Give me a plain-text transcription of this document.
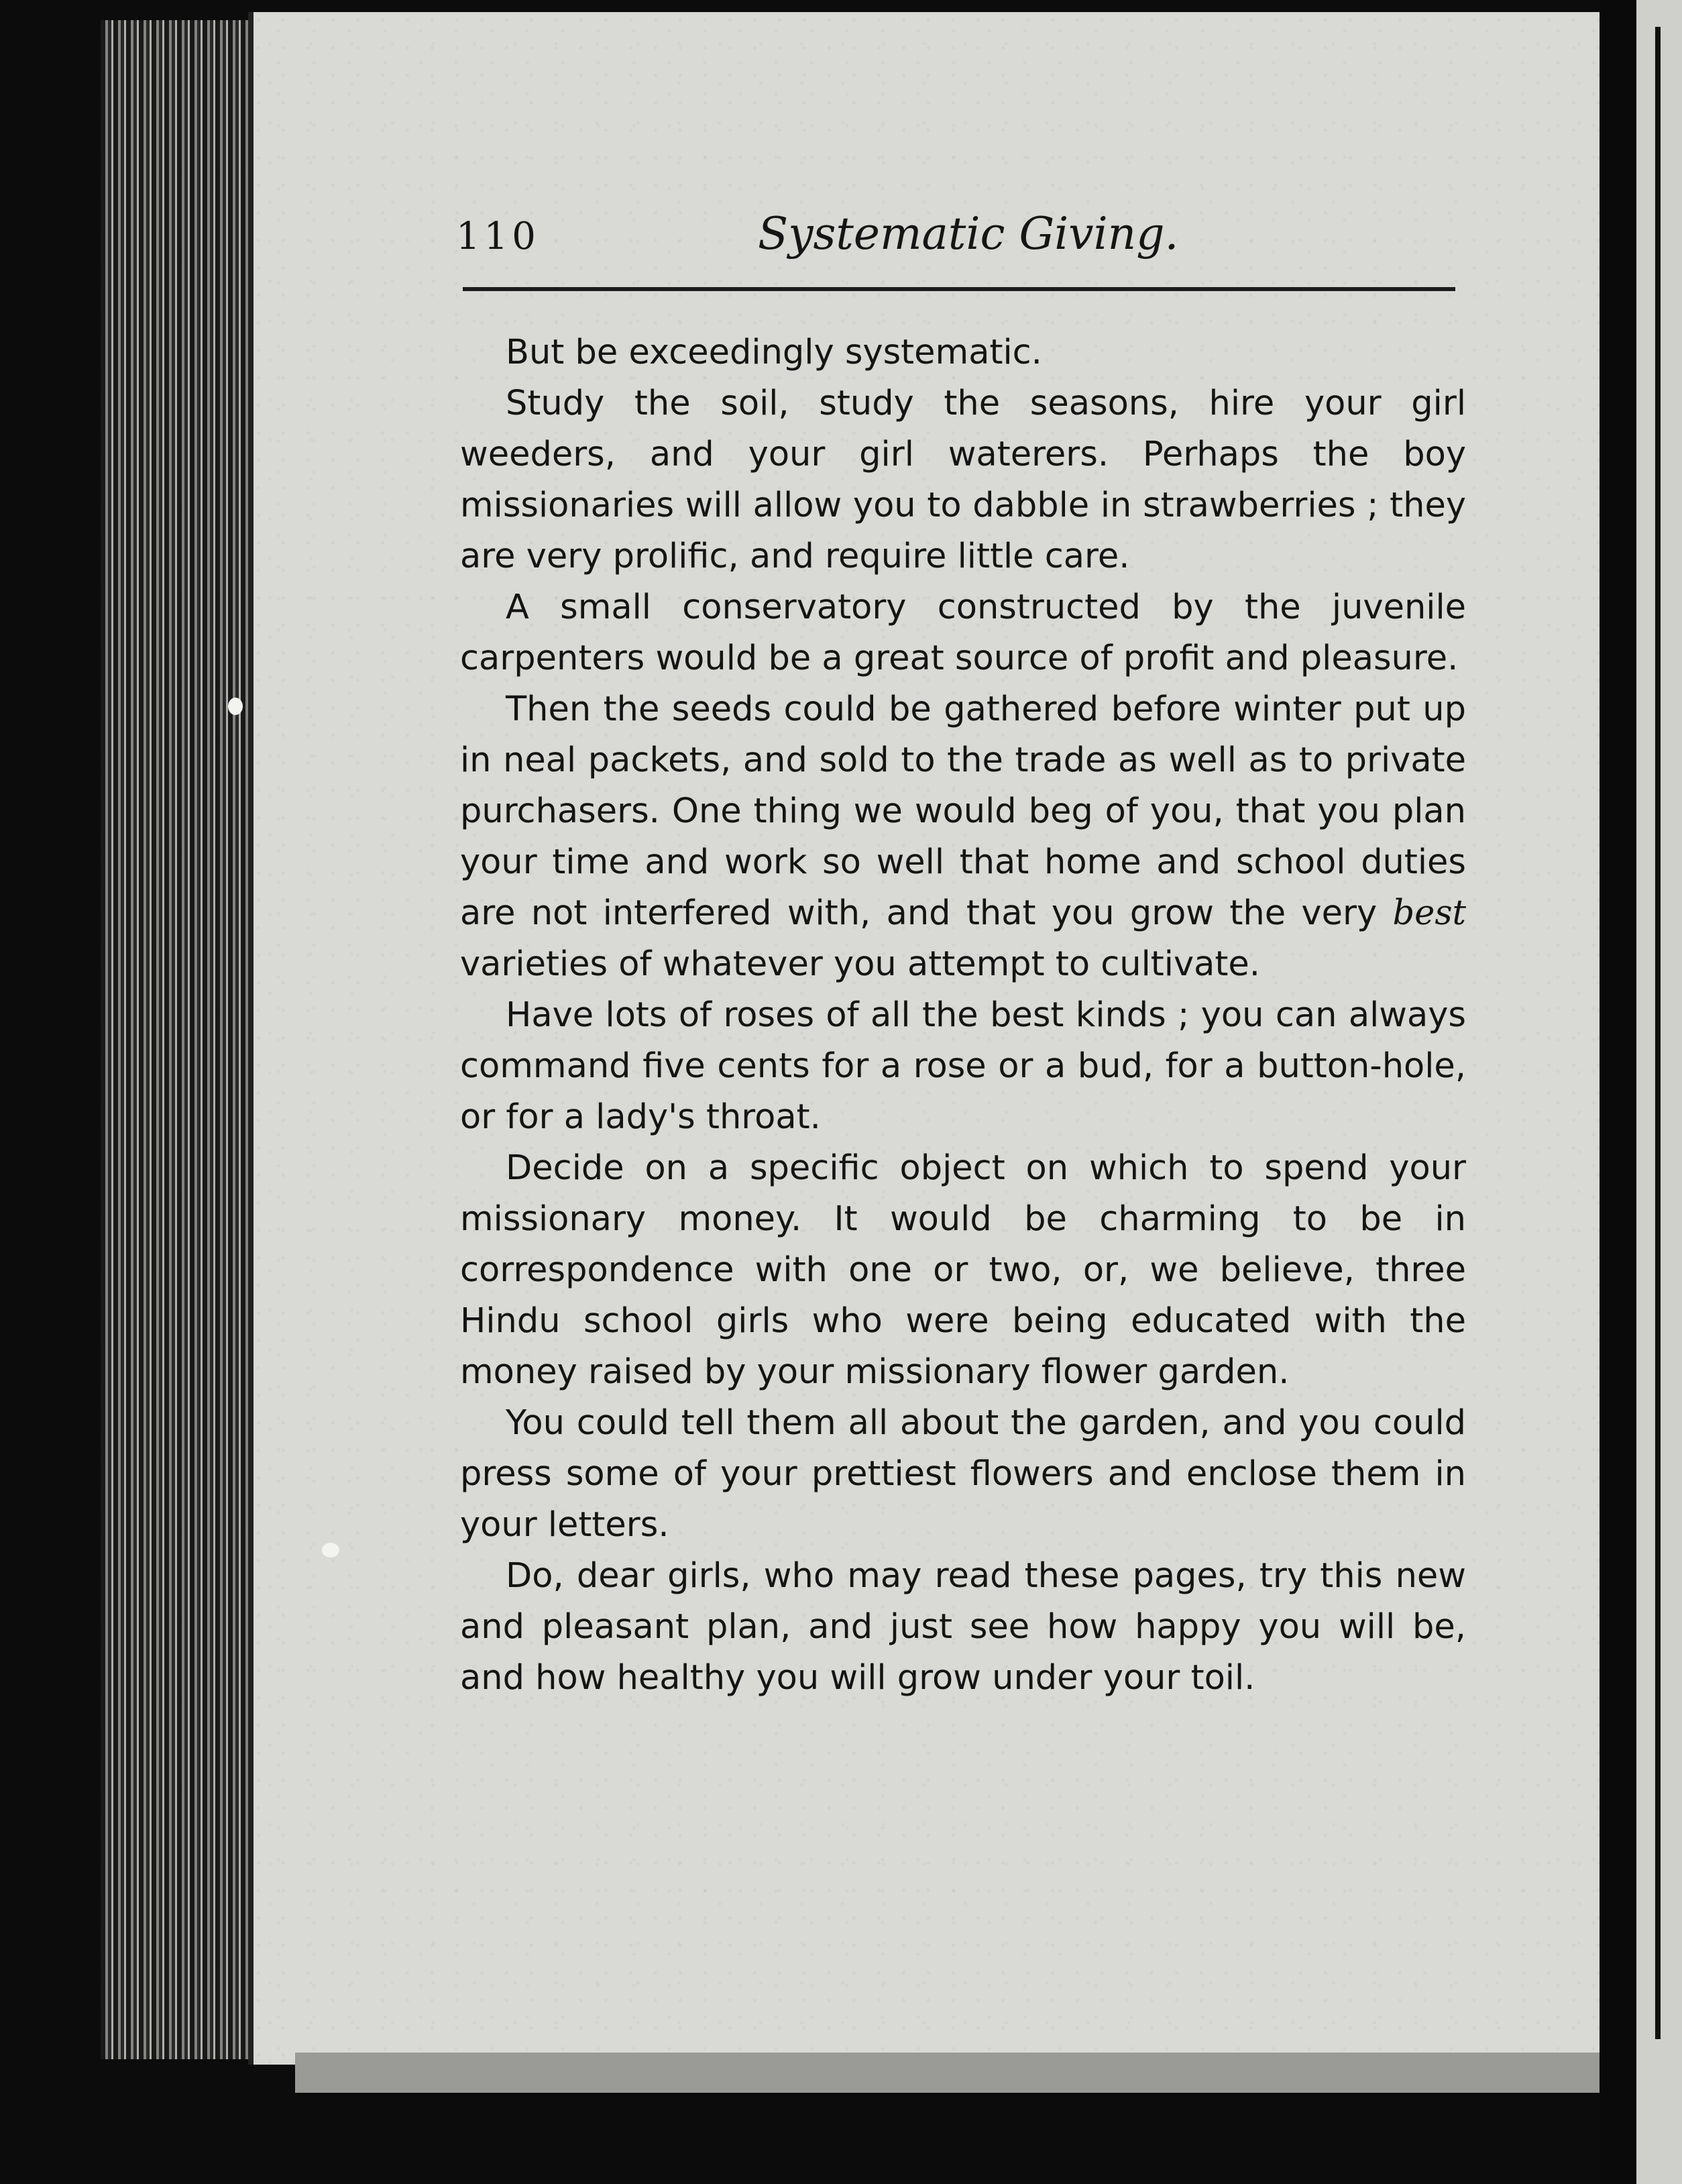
110	Systematic Giving.

But be exceedingly systematic.

Study the soil, study the seasons, hire your girl weeders, and your girl waterers. Perhaps the boy missionaries will allow you to dabble in strawberries ; they are very prolific, and require little care.

A small conservatory constructed by the juvenile carpenters would be a great source of profit and pleasure.

Then the seeds could be gathered before winter put up in neal packets, and sold to the trade as well as to private purchasers. One thing we would beg of you, that you plan your time and work so well that home and school duties are not interfered with, and that you grow the very best varieties of whatever you attempt to cultivate.

Have lots of roses of all the best kinds ; you can always command five cents for a rose or a bud, for a button-hole, or for a lady's throat.

Decide on a specific object on which to spend your missionary money. It would be charming to be in correspondence with one or two, or, we believe, three Hindu school girls who were being educated with the money raised by your missionary flower garden.

You could tell them all about the garden, and you could press some of your prettiest flowers and enclose them in your letters.

Do, dear girls, who may read these pages, try this new and pleasant plan, and just see how happy you will be, and how healthy you will grow under your toil.
